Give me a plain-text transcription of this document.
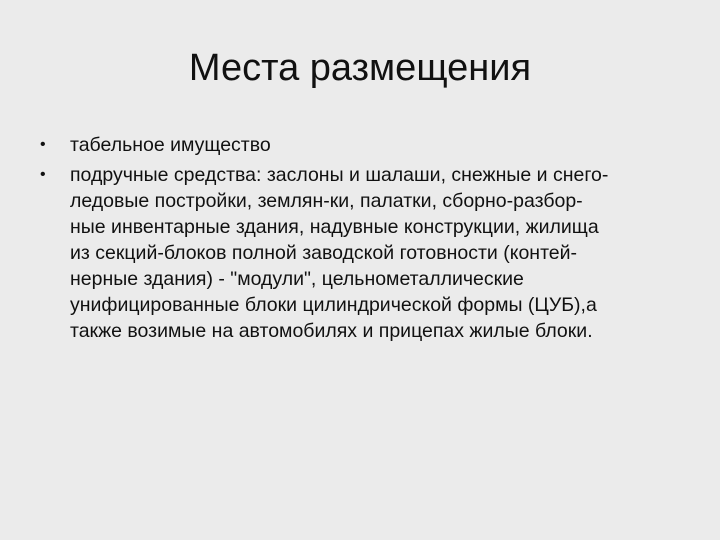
Места размещения
• табельное имущество
• подручные средства: заслоны и шалаши, снежные и снего-
ледовые постройки, землян-ки, палатки, сборно-разбор-
ные инвентарные здания, надувные конструкции, жилища
из секций-блоков полной заводской готовности (контей-
нерные здания) - "модули", цельнометаллические
унифицированные блоки цилиндрической формы (ЦУБ),а
также возимые на автомобилях и прицепах жилые блоки.
